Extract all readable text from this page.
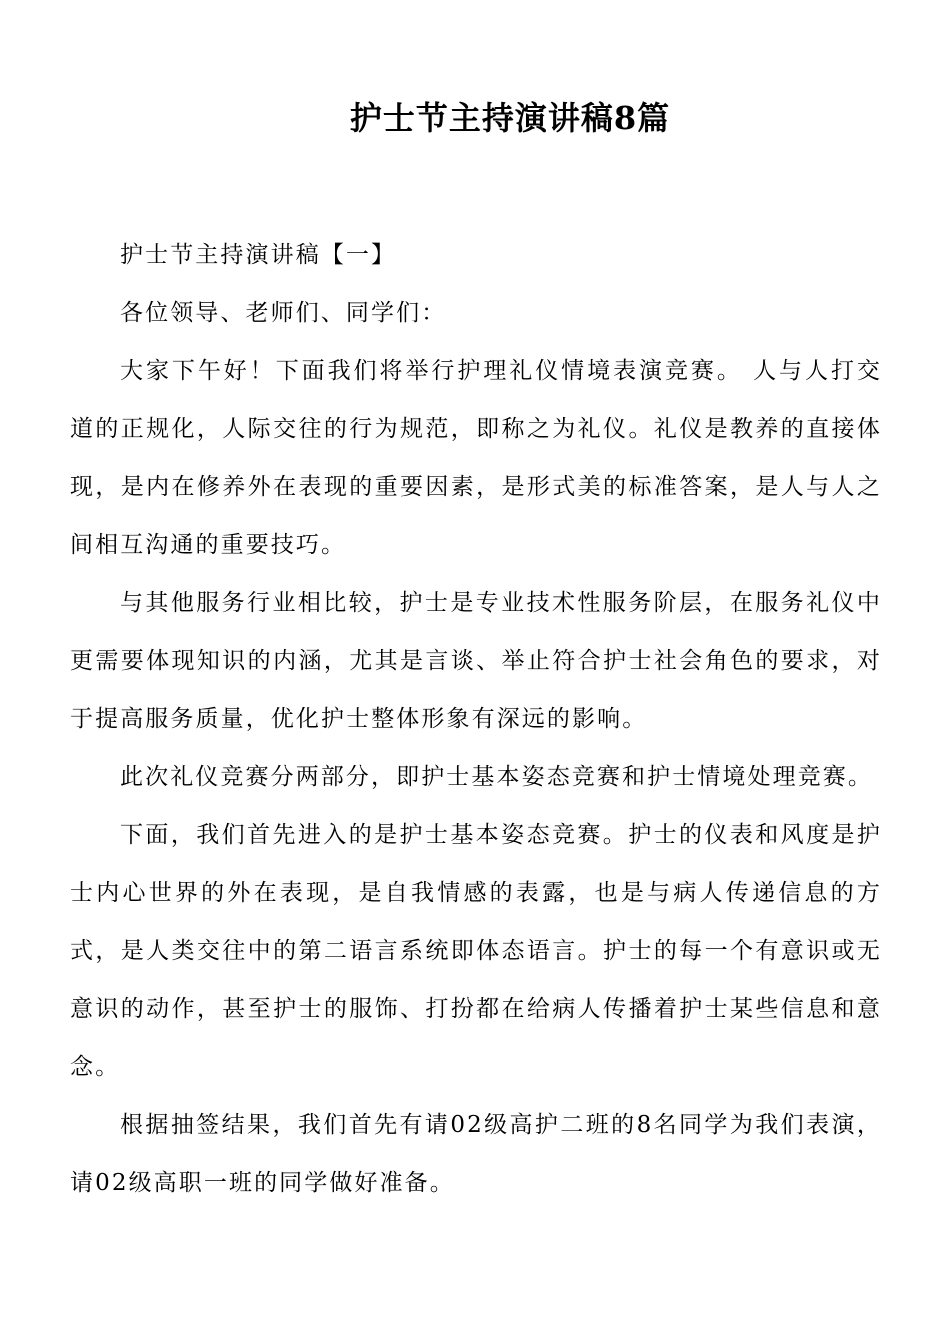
护士节主持演讲稿8篇

护士节主持演讲稿【一】

各位领导、老师们、同学们：

大家下午好！下面我们将举行护理礼仪情境表演竞赛。 人与人打交道的正规化，人际交往的行为规范，即称之为礼仪。礼仪是教养的直接体现，是内在修养外在表现的重要因素，是形式美的标准答案，是人与人之间相互沟通的重要技巧。

与其他服务行业相比较，护士是专业技术性服务阶层，在服务礼仪中更需要体现知识的内涵，尤其是言谈、举止符合护士社会角色的要求，对于提高服务质量，优化护士整体形象有深远的影响。

此次礼仪竞赛分两部分，即护士基本姿态竞赛和护士情境处理竞赛。

下面，我们首先进入的是护士基本姿态竞赛。护士的仪表和风度是护士内心世界的外在表现，是自我情感的表露，也是与病人传递信息的方式，是人类交往中的第二语言系统即体态语言。护士的每一个有意识或无意识的动作，甚至护士的服饰、打扮都在给病人传播着护士某些信息和意念。

根据抽签结果，我们首先有请02级高护二班的8名同学为我们表演，请02级高职一班的同学做好准备。
